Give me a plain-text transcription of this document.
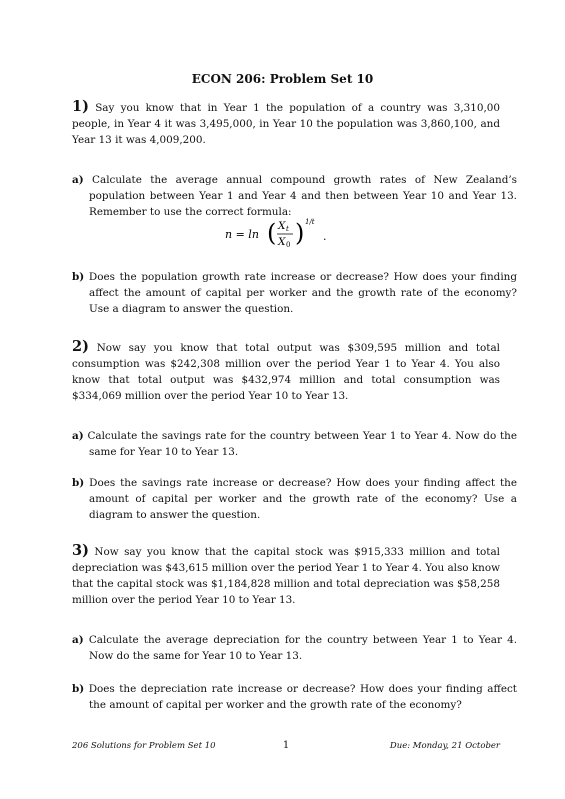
ECON 206: Problem Set 10
1) Say you know that in Year 1 the population of a country was 3,310,00 people, in Year 4 it was 3,495,000, in Year 10 the population was 3,860,100, and Year 13 it was 4,009,200.
a) Calculate the average annual compound growth rates of New Zealand’s population between Year 1 and Year 4 and then between Year 10 and Year 13. Remember to use the correct formula:
n = ln ( X t
X 0 ) 1/t
.
b) Does the population growth rate increase or decrease? How does your finding affect the amount of capital per worker and the growth rate of the economy? Use a diagram to answer the question.
2) Now say you know that total output was $309,595 million and total consumption was $242,308 million over the period Year 1 to Year 4. You also know that total output was $432,974 million and total consumption was $334,069 million over the period Year 10 to Year 13.
a) Calculate the savings rate for the country between Year 1 to Year 4. Now do the same for Year 10 to Year 13.
b) Does the savings rate increase or decrease? How does your finding affect the amount of capital per worker and the growth rate of the economy? Use a diagram to answer the question.
3) Now say you know that the capital stock was $915,333 million and total depreciation was $43,615 million over the period Year 1 to Year 4. You also know that the capital stock was $1,184,828 million and total depreciation was $58,258 million over the period Year 10 to Year 13.
a) Calculate the average depreciation for the country between Year 1 to Year 4. Now do the same for Year 10 to Year 13.
b) Does the depreciation rate increase or decrease? How does your finding affect the amount of capital per worker and the growth rate of the economy?
206 Solutions for Problem Set 10	1	Due: Monday, 21 October
